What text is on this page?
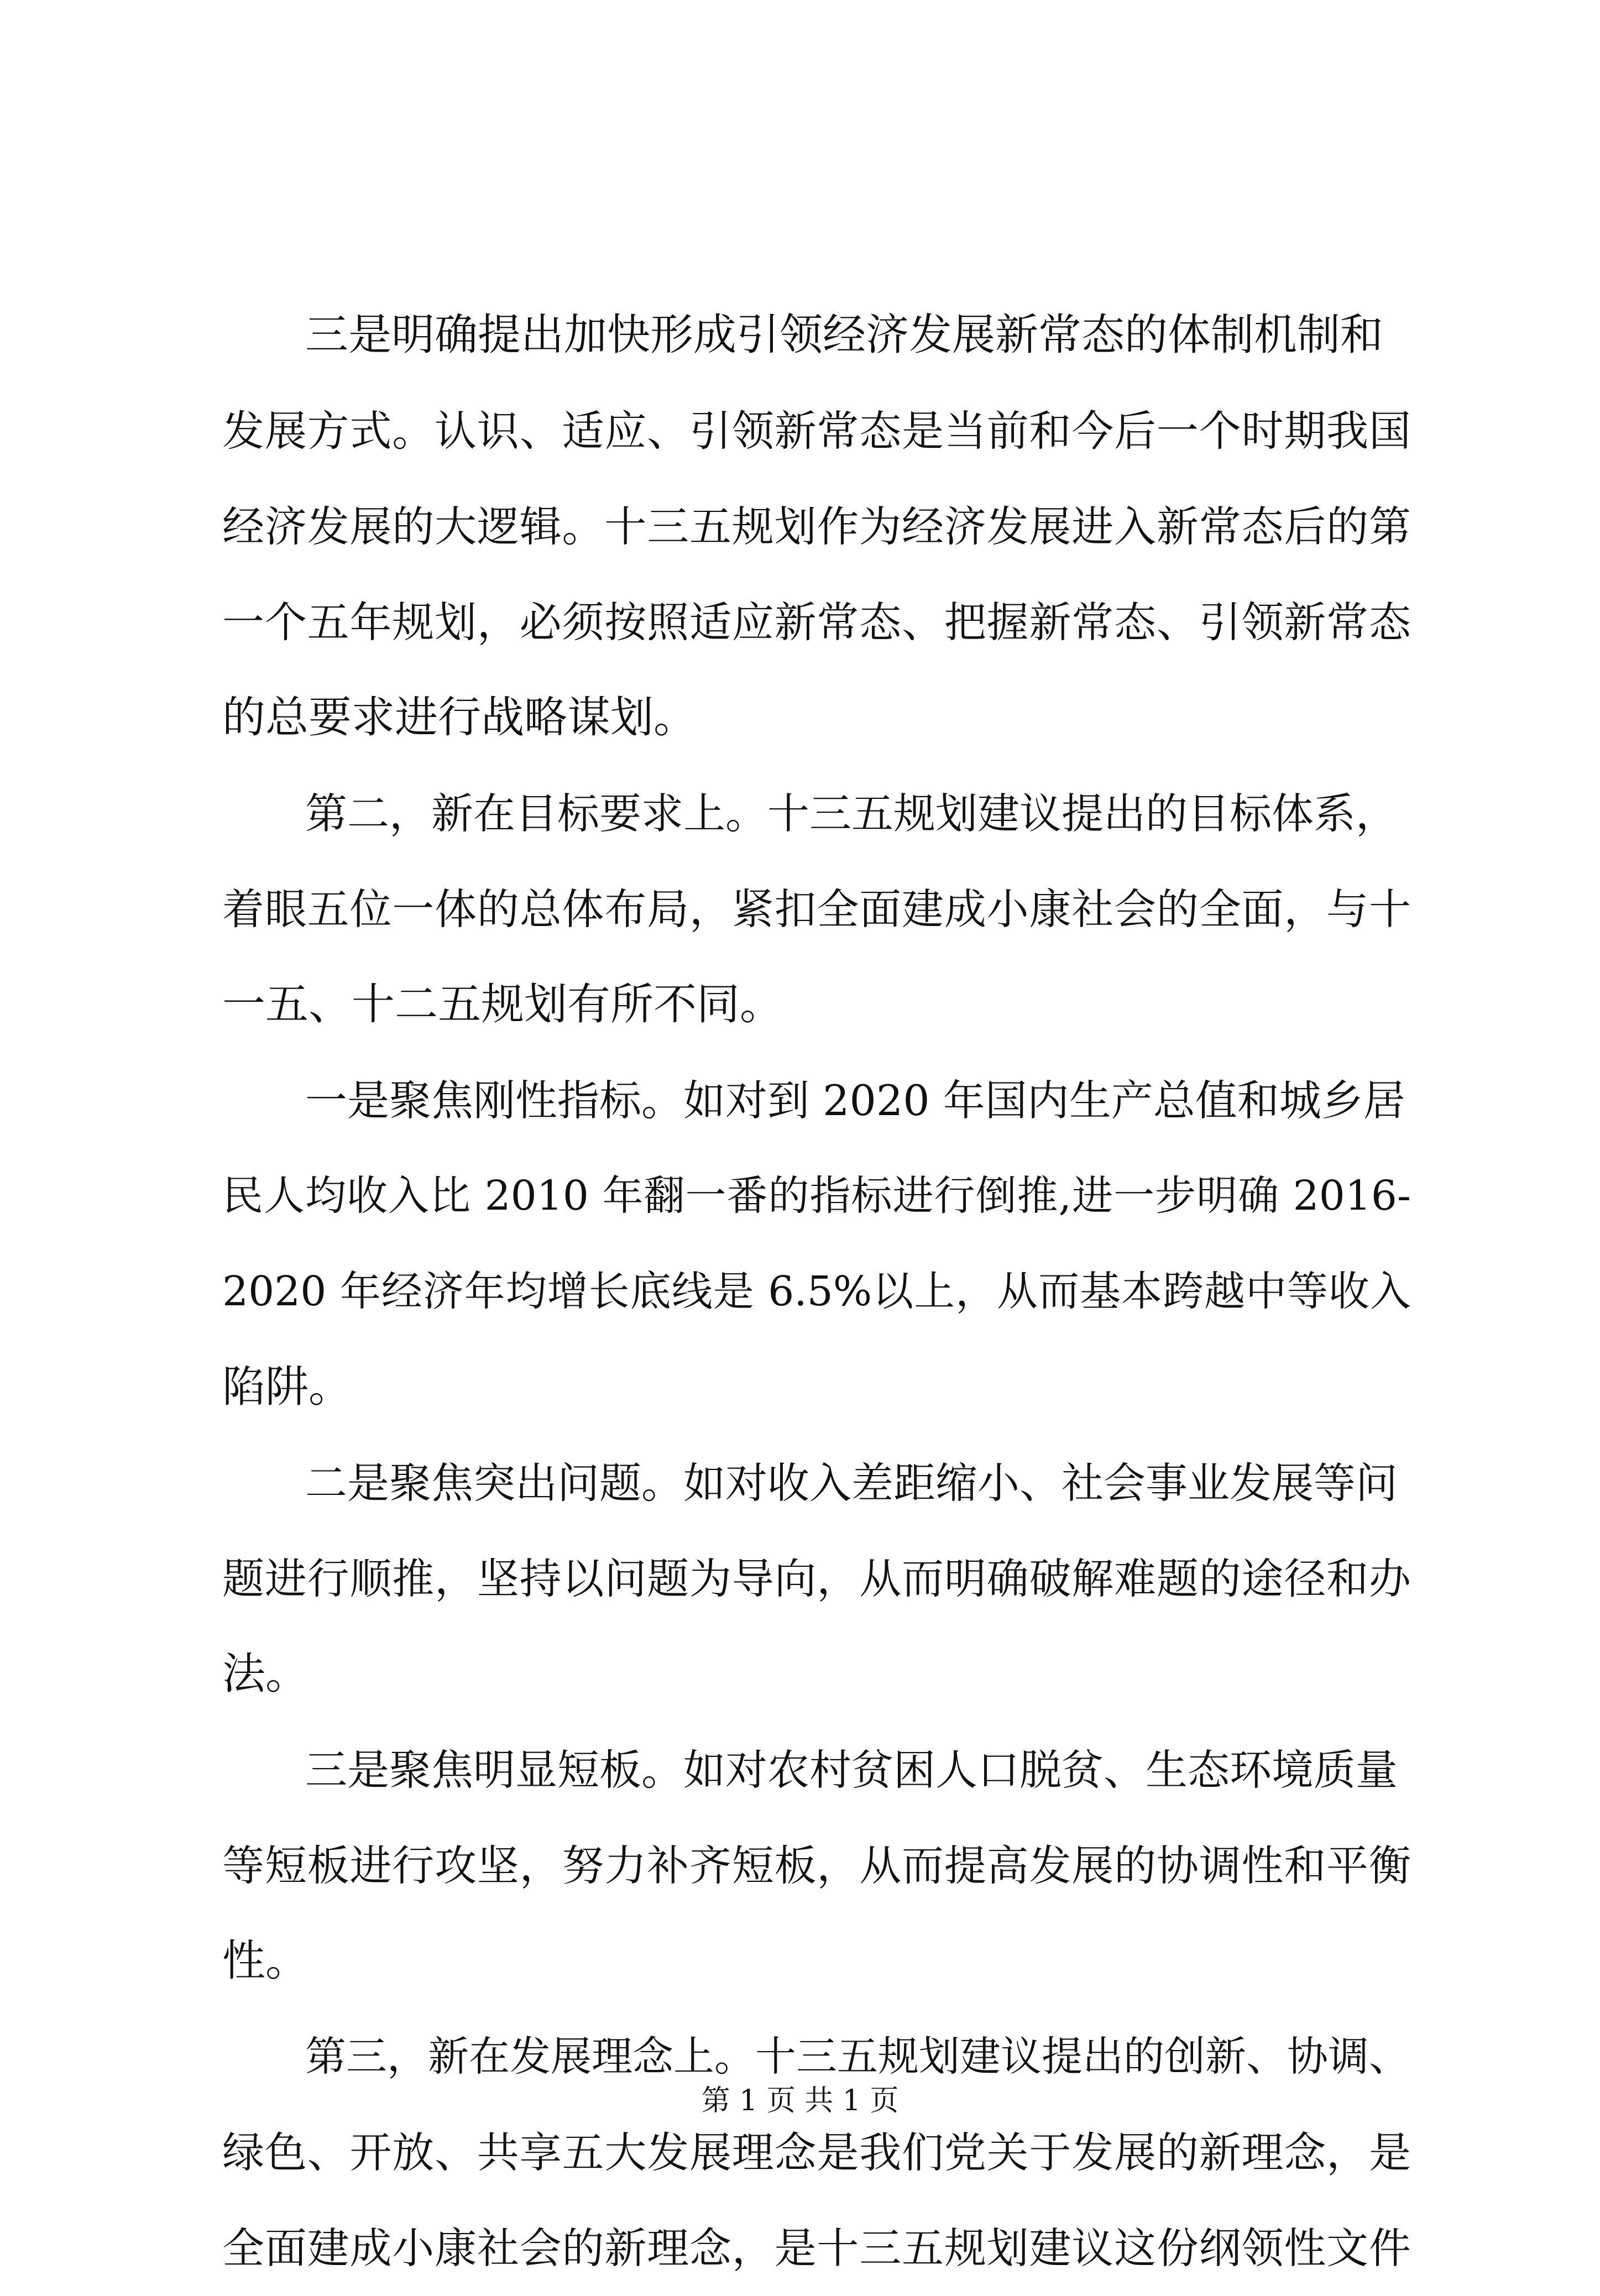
三是明确提出加快形成引领经济发展新常态的体制机制和
发展方式。认识、适应、引领新常态是当前和今后一个时期我国
经济发展的大逻辑。十三五规划作为经济发展进入新常态后的第
一个五年规划，必须按照适应新常态、把握新常态、引领新常态
的总要求进行战略谋划。
第二，新在目标要求上。十三五规划建议提出的目标体系，
着眼五位一体的总体布局，紧扣全面建成小康社会的全面，与十
一五、十二五规划有所不同。
一是聚焦刚性指标。如对到 2020 年国内生产总值和城乡居
民人均收入比 2010 年翻一番的指标进行倒推,进一步明确 2016-
2020 年经济年均增长底线是 6.5%以上，从而基本跨越中等收入
陷阱。
二是聚焦突出问题。如对收入差距缩小、社会事业发展等问
题进行顺推，坚持以问题为导向，从而明确破解难题的途径和办
法。
三是聚焦明显短板。如对农村贫困人口脱贫、生态环境质量
等短板进行攻坚，努力补齐短板，从而提高发展的协调性和平衡
性。
第三，新在发展理念上。十三五规划建议提出的创新、协调、
绿色、开放、共享五大发展理念是我们党关于发展的新理念，是
全面建成小康社会的新理念，是十三五规划建议这份纲领性文件
第 1 页 共 1 页
